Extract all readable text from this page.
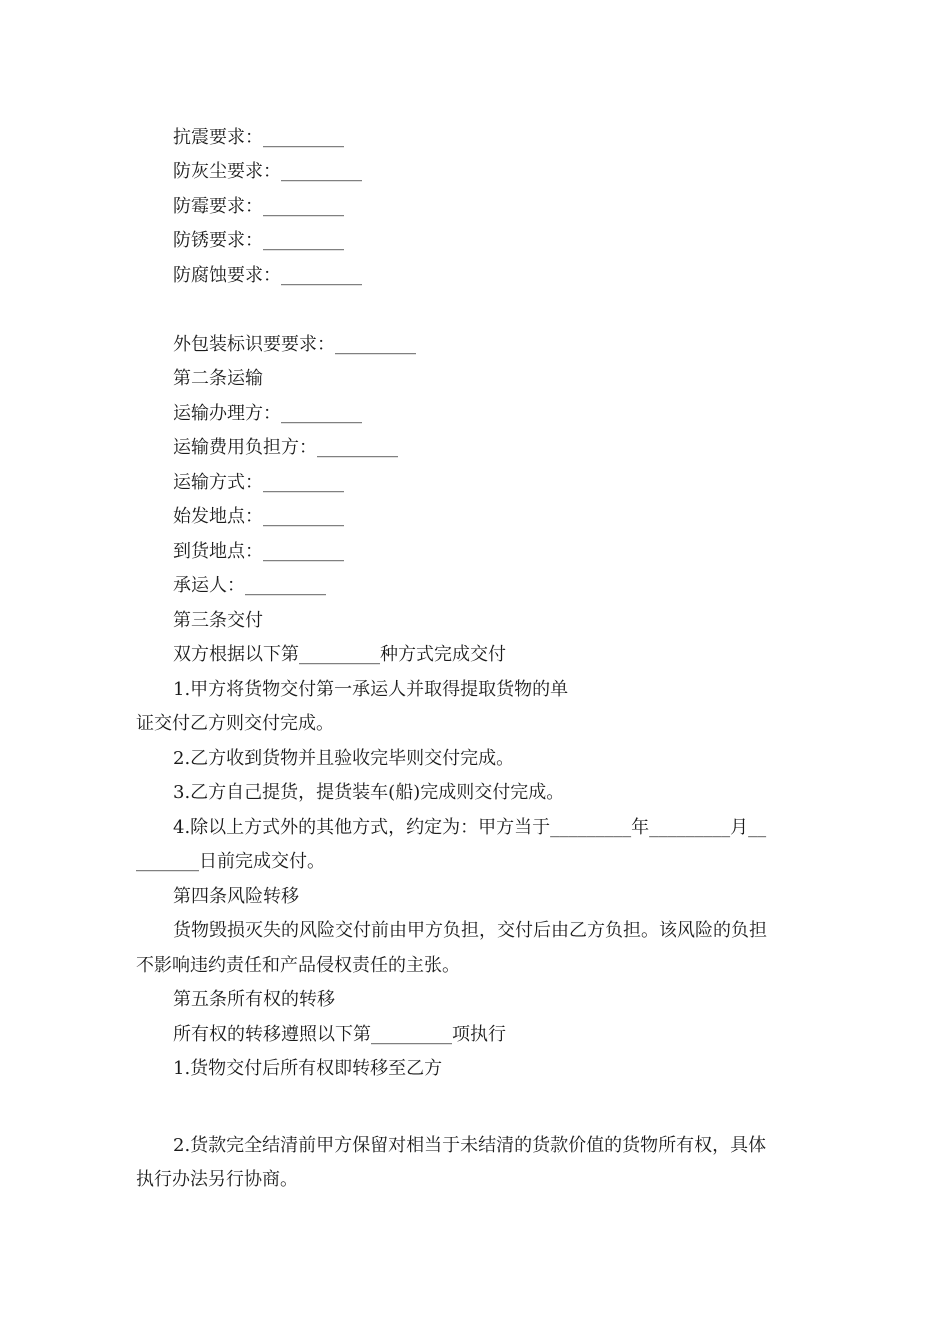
抗震要求：_________
防灰尘要求：_________
防霉要求：_________
防锈要求：_________
防腐蚀要求：_________
外包装标识要要求：_________
第二条运输
运输办理方：_________
运输费用负担方：_________
运输方式：_________
始发地点：_________
到货地点：_________
承运人：_________
第三条交付
双方根据以下第_________种方式完成交付
1.甲方将货物交付第一承运人并取得提取货物的单
证交付乙方则交付完成。
2.乙方收到货物并且验收完毕则交付完成。
3.乙方自己提货，提货装车(船)完成则交付完成。
4.除以上方式外的其他方式，约定为：甲方当于_________年_________月__
_______日前完成交付。
第四条风险转移
货物毁损灭失的风险交付前由甲方负担，交付后由乙方负担。该风险的负担
不影响违约责任和产品侵权责任的主张。
第五条所有权的转移
所有权的转移遵照以下第_________项执行
1.货物交付后所有权即转移至乙方
2.货款完全结清前甲方保留对相当于未结清的货款价值的货物所有权，具体
执行办法另行协商。
